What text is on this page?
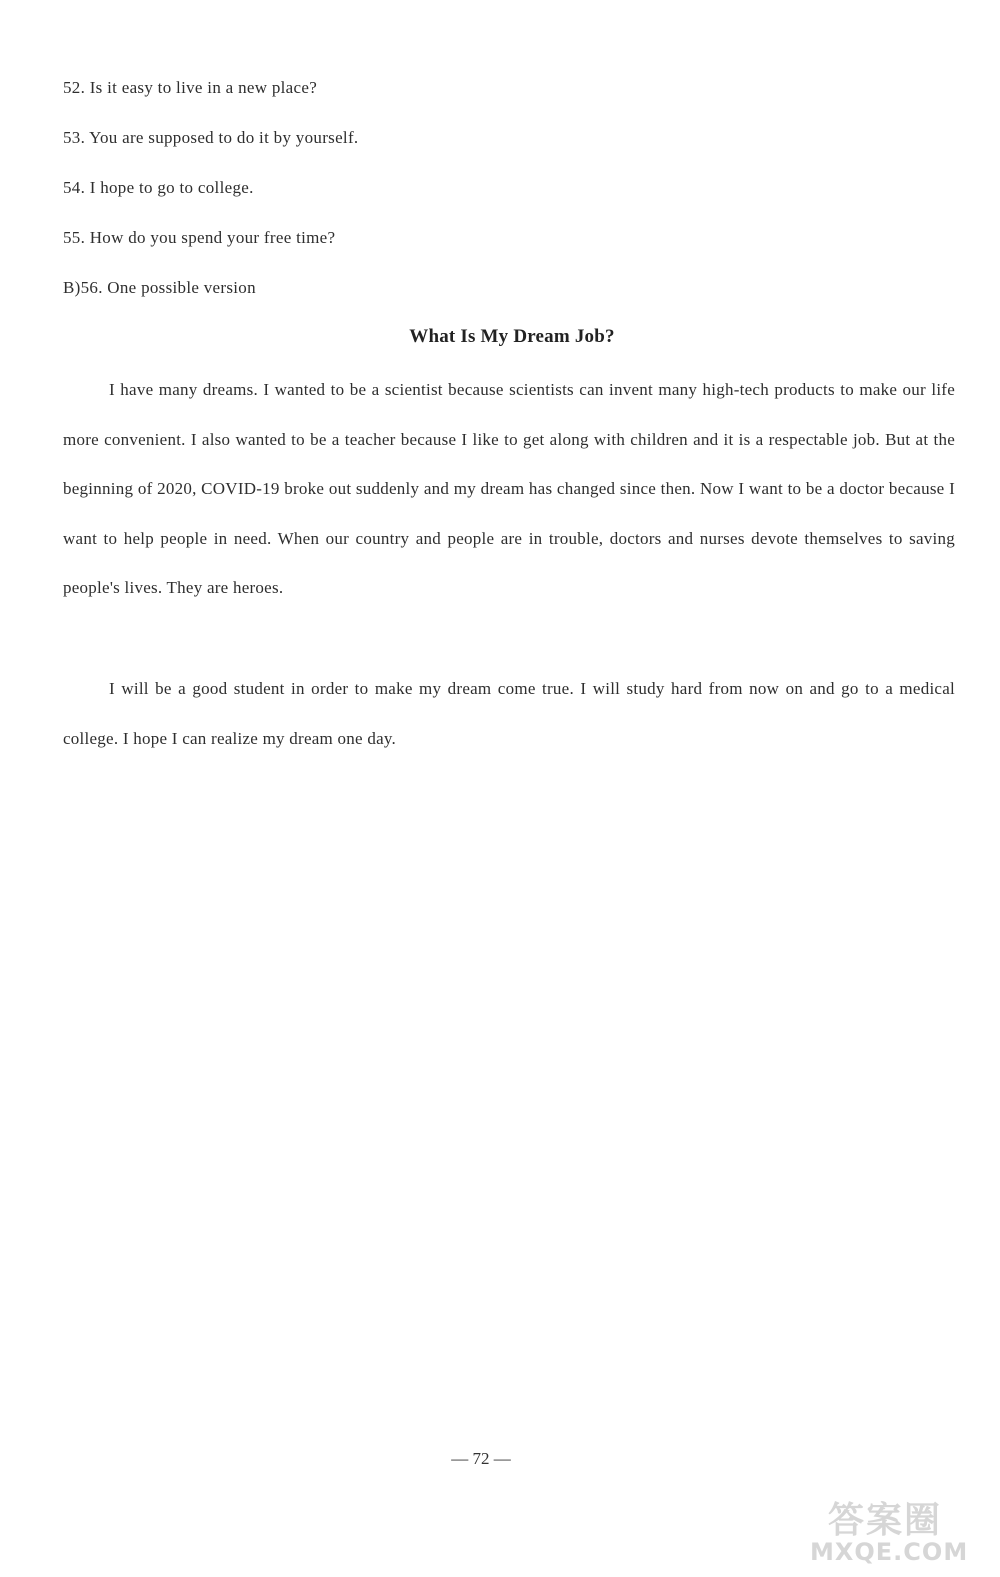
52. Is it easy to live in a new place?
53. You are supposed to do it by yourself.
54. I hope to go to college.
55. How do you spend your free time?
B)56. One possible version
What Is My Dream Job?

I have many dreams. I wanted to be a scientist because scientists can invent many high-tech products to make our life more convenient. I also wanted to be a teacher because I like to get along with children and it is a respectable job. But at the beginning of 2020, COVID-19 broke out suddenly and my dream has changed since then. Now I want to be a doctor because I want to help people in need. When our country and people are in trouble, doctors and nurses devote themselves to saving people's lives. They are heroes.

I will be a good student in order to make my dream come true. I will study hard from now on and go to a medical college. I hope I can realize my dream one day.

— 72 —
答案圈
MXQE.COM
